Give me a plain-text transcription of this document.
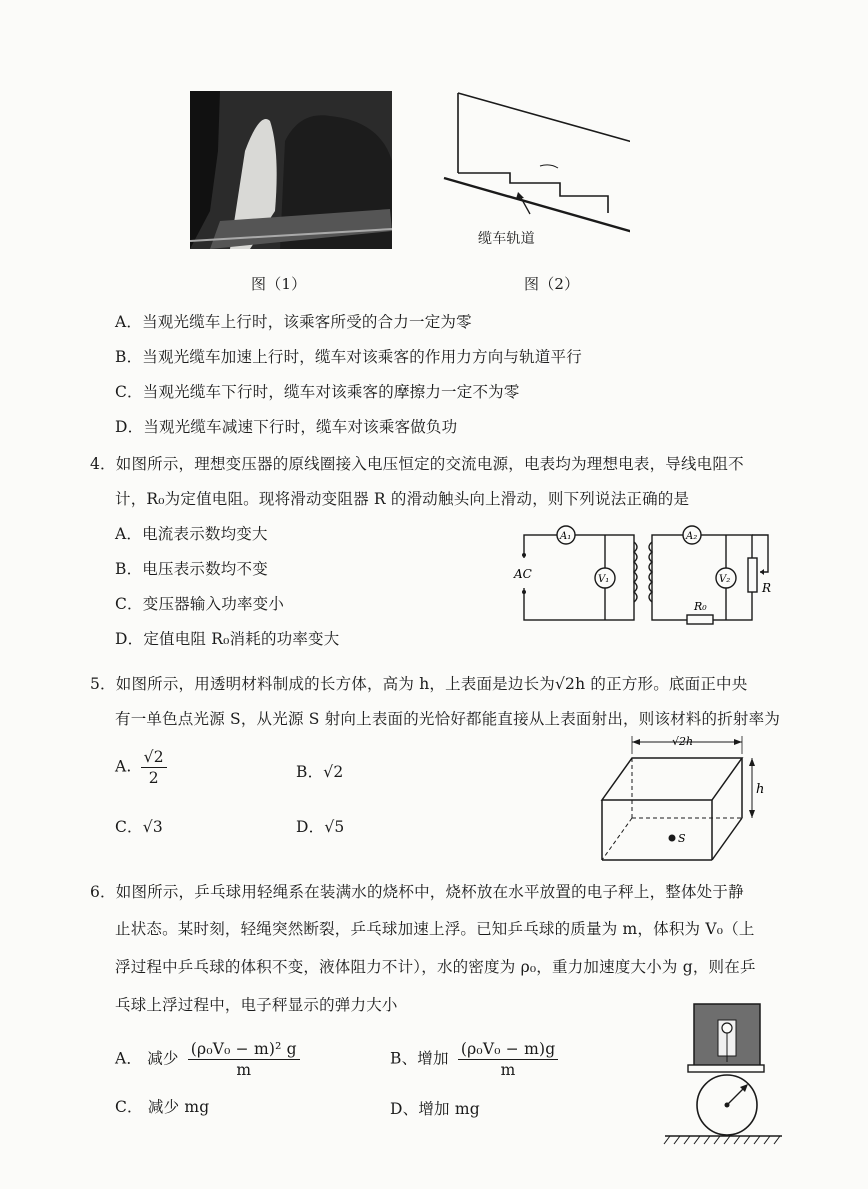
图（1）
缆车轨道
图（2）
A．当观光缆车上行时，该乘客所受的合力一定为零
B．当观光缆车加速上行时，缆车对该乘客的作用力方向与轨道平行
C．当观光缆车下行时，缆车对该乘客的摩擦力一定不为零
D．当观光缆车减速下行时，缆车对该乘客做负功
4．如图所示，理想变压器的原线圈接入电压恒定的交流电源，电表均为理想电表，导线电阻不
计，R₀为定值电阻。现将滑动变阻器 R 的滑动触头向上滑动，则下列说法正确的是
A．电流表示数均变大
B．电压表示数均不变
C．变压器输入功率变小
D．定值电阻 R₀消耗的功率变大
AC
A₁
V₁
A₂
V₂
R₀
R
5．如图所示，用透明材料制成的长方体，高为 h，上表面是边长为√2h 的正方形。底面正中央
有一单色点光源 S，从光源 S 射向上表面的光恰好都能直接从上表面射出，则该材料的折射率为
A. $\frac{√2}{2}$	B．√2
C．√3	D．√5
√2h
h
S
6．如图所示，乒乓球用轻绳系在装满水的烧杯中，烧杯放在水平放置的电子秤上，整体处于静
止状态。某时刻，轻绳突然断裂，乒乓球加速上浮。已知乒乓球的质量为 m，体积为 V₀（上
浮过程中乒乓球的体积不变，液体阻力不计），水的密度为 ρ₀，重力加速度大小为 g，则在乒
乓球上浮过程中，电子秤显示的弹力大小
A． 减少 $\frac{\text{(ρ₀V₀ − m)² g}}{m}$	B、增加 $\frac{\text{(ρ₀V₀ − m)g}}{m}$
C． 减少 mg	D、增加 mg
